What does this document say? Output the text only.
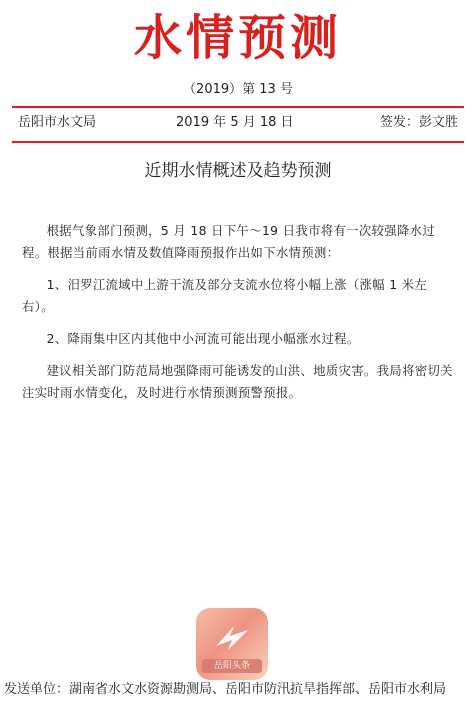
水情预测
（2019）第 13 号
岳阳市水文局	2019 年 5 月 18 日	签发：彭文胜
近期水情概述及趋势预测

根据气象部门预测，5 月 18 日下午～19 日我市将有一次较强降水过程。根据当前雨水情及数值降雨预报作出如下水情预测：

1、汨罗江流域中上游干流及部分支流水位将小幅上涨（涨幅 1 米左右）。

2、降雨集中区内其他中小河流可能出现小幅涨水过程。

建议相关部门防范局地强降雨可能诱发的山洪、地质灾害。我局将密切关注实时雨水情变化，及时进行水情预测预警预报。

岳阳头条
发送单位：湖南省水文水资源勘测局、岳阳市防汛抗旱指挥部、岳阳市水利局
